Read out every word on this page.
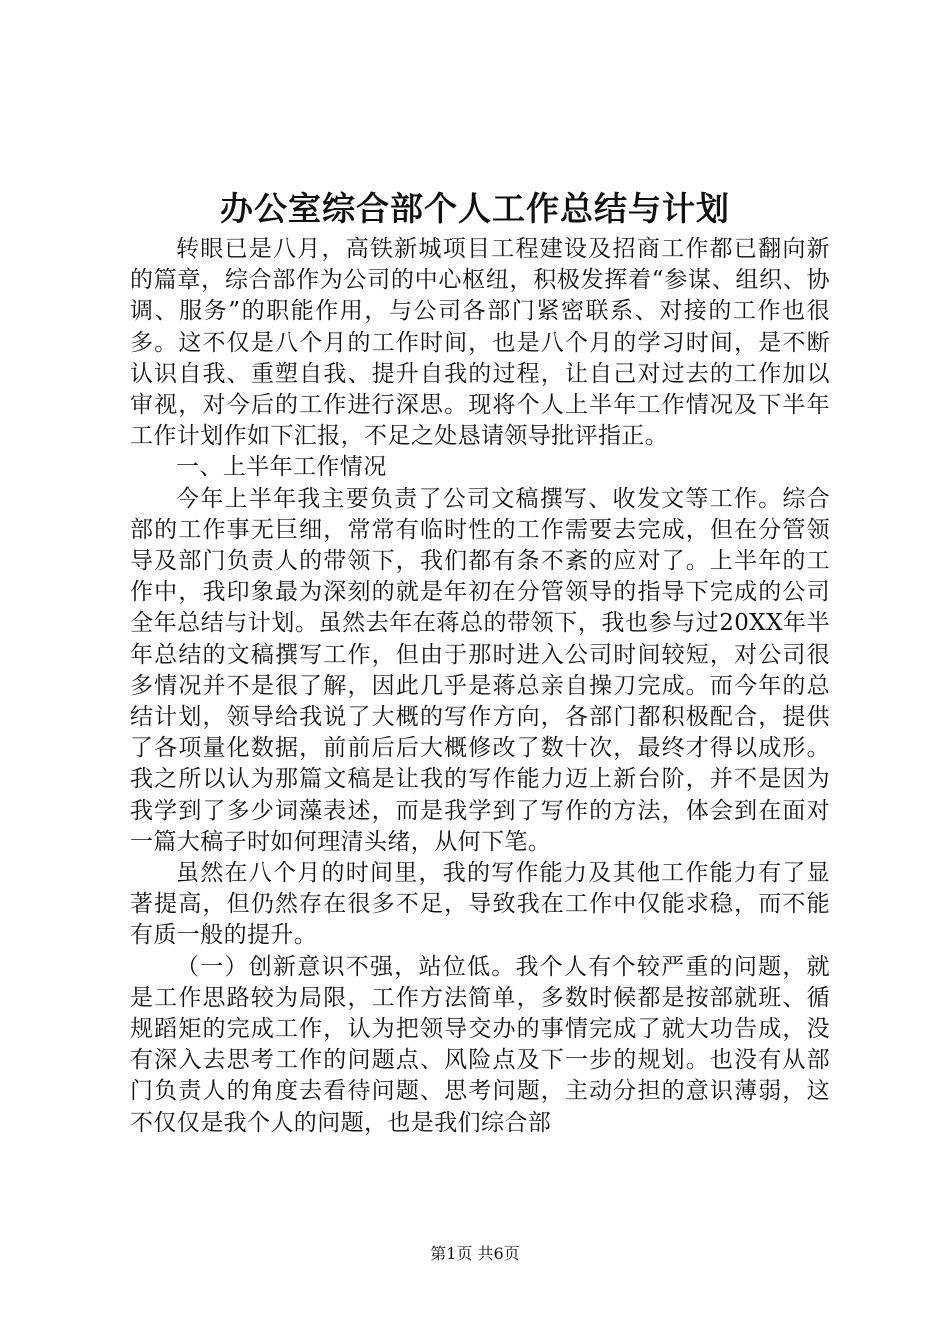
办公室综合部个人工作总结与计划

转眼已是八月，高铁新城项目工程建设及招商工作都已翻向新的篇章，综合部作为公司的中心枢纽，积极发挥着“参谋、组织、协调、服务”的职能作用，与公司各部门紧密联系、对接的工作也很多。这不仅是八个月的工作时间，也是八个月的学习时间，是不断认识自我、重塑自我、提升自我的过程，让自己对过去的工作加以审视，对今后的工作进行深思。现将个人上半年工作情况及下半年工作计划作如下汇报，不足之处恳请领导批评指正。

一、上半年工作情况

今年上半年我主要负责了公司文稿撰写、收发文等工作。综合部的工作事无巨细，常常有临时性的工作需要去完成，但在分管领导及部门负责人的带领下，我们都有条不紊的应对了。上半年的工作中，我印象最为深刻的就是年初在分管领导的指导下完成的公司全年总结与计划。虽然去年在蒋总的带领下，我也参与过20XX年半年总结的文稿撰写工作，但由于那时进入公司时间较短，对公司很多情况并不是很了解，因此几乎是蒋总亲自操刀完成。而今年的总结计划，领导给我说了大概的写作方向，各部门都积极配合，提供了各项量化数据，前前后后大概修改了数十次，最终才得以成形。我之所以认为那篇文稿是让我的写作能力迈上新台阶，并不是因为我学到了多少词藻表述，而是我学到了写作的方法，体会到在面对一篇大稿子时如何理清头绪，从何下笔。

虽然在八个月的时间里，我的写作能力及其他工作能力有了显著提高，但仍然存在很多不足，导致我在工作中仅能求稳，而不能有质一般的提升。

（一）创新意识不强，站位低。我个人有个较严重的问题，就是工作思路较为局限，工作方法简单，多数时候都是按部就班、循规蹈矩的完成工作，认为把领导交办的事情完成了就大功告成，没有深入去思考工作的问题点、风险点及下一步的规划。也没有从部门负责人的角度去看待问题、思考问题，主动分担的意识薄弱，这不仅仅是我个人的问题，也是我们综合部

第1页 共6页
